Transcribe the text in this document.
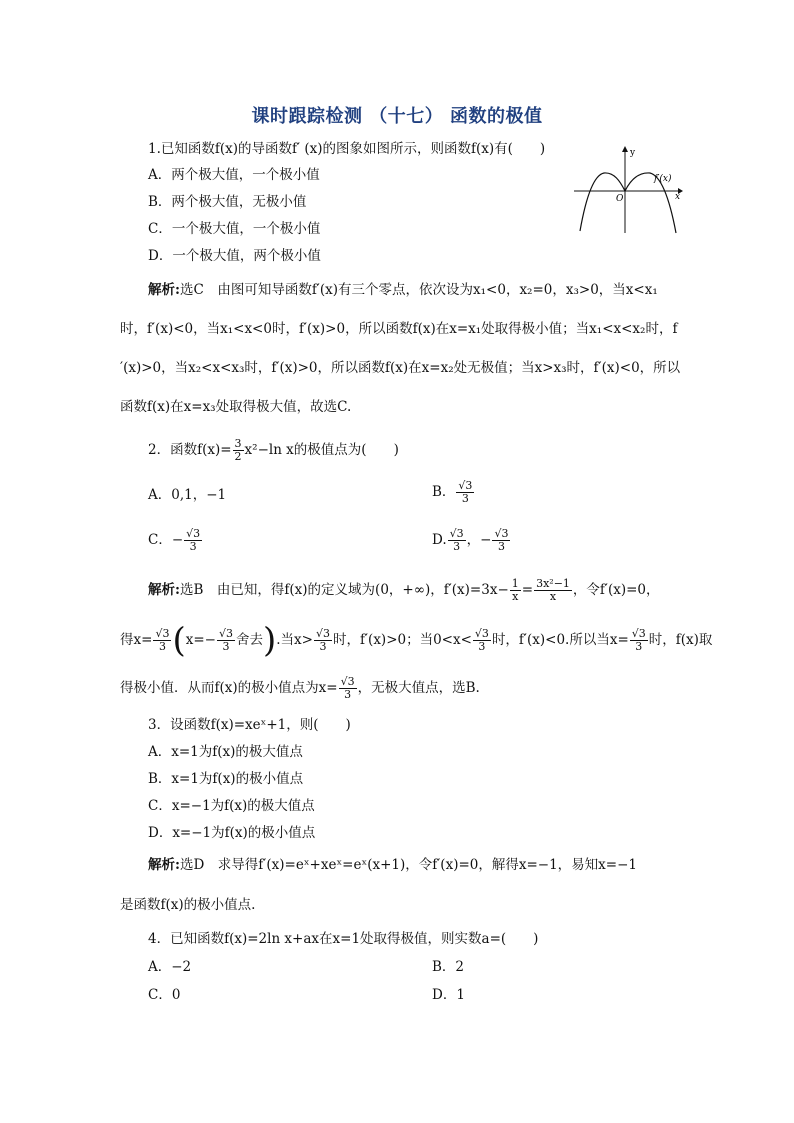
课时跟踪检测 （十七） 函数的极值
1.已知函数f(x)的导函数f′ (x)的图象如图所示，则函数f(x)有(　　)
A．两个极大值，一个极小值
B．两个极大值，无极小值
C．一个极大值，一个极小值
D．一个极大值，两个极小值
y
x
O
f′(x)
解析:选C　由图可知导函数f′(x)有三个零点，依次设为x₁<0，x₂=0，x₃>0，当x<x₁
时，f′(x)<0，当x₁<x<0时，f′(x)>0，所以函数f(x)在x=x₁处取得极小值；当x₁<x<x₂时，f
′(x)>0，当x₂<x<x₃时，f′(x)>0，所以函数f(x)在x=x₂处无极值；当x>x₃时，f′(x)<0，所以
函数f(x)在x=x₃处取得极大值，故选C.
2．函数$f(x)= \frac{3}{2} x^2-\ln$ x的极值点为(　　)
A．0,1，−1	B． $\frac{√3}{3}$
C．− $\frac{√3}{3}$	D. $\frac{√3}{3}$ ，− $\frac{√3}{3}$
解析:选B　由已知，得f(x)的定义域为(0，+∞)，$f'(x)=3x- \frac{1}{x} = \frac{\text{3x²−1}}{x}$ ，令f′(x)=0，
得$x= \frac{√3}{3} (x=- \frac{√3}{3}$ 舍去).当$x> \frac{√3}{3}$ 时，f′(x)>0；当$0<x< \frac{√3}{3}$ 时，f′(x)<0.所以当$x= \frac{√3}{3}$ 时，f(x)取
得极小值．从而f(x)的极小值点为$x= \frac{√3}{3}$ ，无极大值点，选B.
3．设函数f(x)=xeˣ+1，则(　　)
A．x=1为f(x)的极大值点
B．x=1为f(x)的极小值点
C．x=−1为f(x)的极大值点
D．x=−1为f(x)的极小值点
解析:选D　求导得f′(x)=eˣ+xeˣ=eˣ(x+1)，令f′(x)=0，解得x=−1，易知x=−1
是函数f(x)的极小值点.
4．已知函数f(x)=2ln x+ax在x=1处取得极值，则实数a=(　　)
A．−2	B．2
C．0	D．1
